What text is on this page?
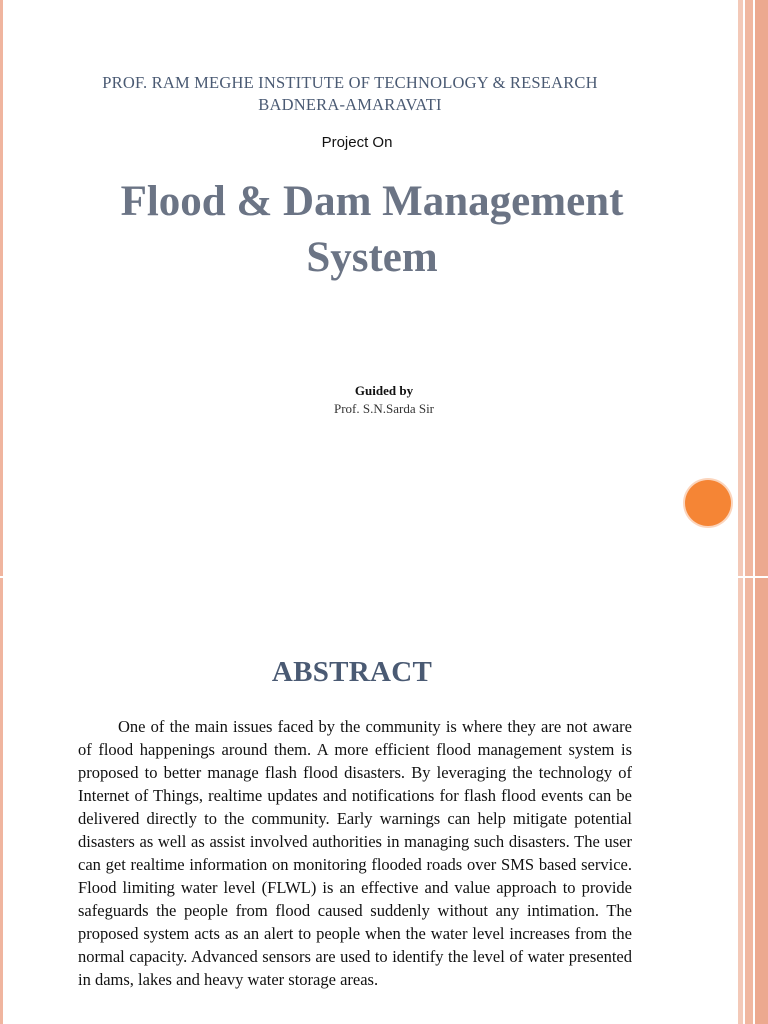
PROF. RAM MEGHE INSTITUTE OF TECHNOLOGY & RESEARCH
BADNERA-AMARAVATI
Project On
Flood & Dam Management
System
Guided by
Prof. S.N.Sarda Sir
ABSTRACT

One of the main issues faced by the community is where they are not aware of flood happenings around them. A more efficient flood management system is proposed to better manage flash flood disasters. By leveraging the technology of Internet of Things, realtime updates and notifications for flash flood events can be delivered directly to the community. Early warnings can help mitigate potential disasters as well as assist involved authorities in managing such disasters. The user can get realtime information on monitoring flooded roads over SMS based service. Flood limiting water level (FLWL) is an effective and value approach to provide safeguards the people from flood caused suddenly without any intimation. The proposed system acts as an alert to people when the water level increases from the normal capacity. Advanced sensors are used to identify the level of water presented in dams, lakes and heavy water storage areas.
